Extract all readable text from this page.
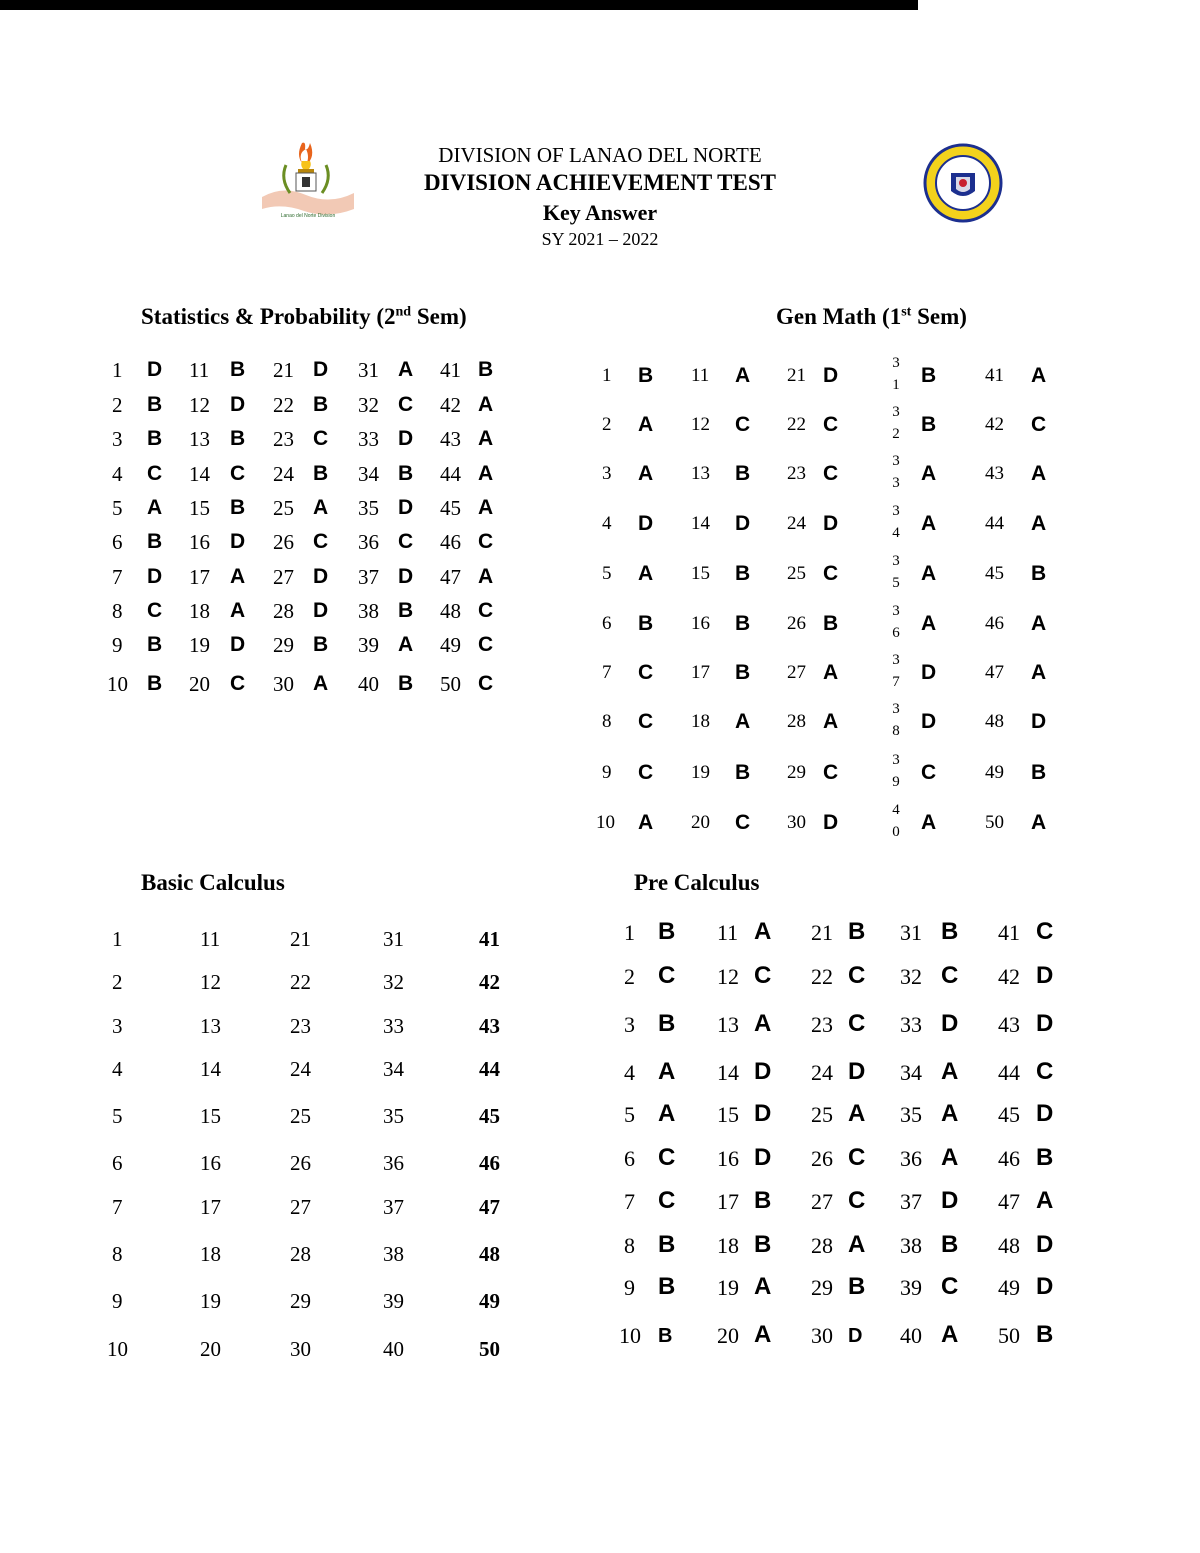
Lanao del Norte Division
DIVISION OF LANAO DEL NORTE
DIVISION ACHIEVEMENT TEST
Key Answer
SY 2021 – 2022
Statistics & Probability (2nd Sem)	Gen Math (1st Sem)
Basic Calculus	Pre Calculus
1 D
2 B
3 B
4 C
5 A
6 B
7 D
8 C
9 B
10 B
11 B
12 D
13 B
14 C
15 B
16 D
17 A
18 A
19 D
20 C
21 D
22 B
23 C
24 B
25 A
26 C
27 D
28 D
29 B
30 A
31 A
32 C
33 D
34 B
35 D
36 C
37 D
38 B
39 A
40 B
41 B
42 A
43 A
44 A
45 A
46 C
47 A
48 C
49 C
50 C
1 B
2 A
3 A
4 D
5 A
6 B
7 C
8 C
9 C
10 A
11 A
12 C
13 B
14 D
15 B
16 B
17 B
18 A
19 B
20 C
21 D
22 C
23 C
24 D
25 C
26 B
27 A
28 A
29 C
30 D
3
1 B
3
2 B
3
3 A
3
4 A
3
5 A
3
6 A
3
7 D
3
8 D
3
9 C
4
0 A
41 A
42 C
43 A
44 A
45 B
46 A
47 A
48 D
49 B
50 A
1
2
3
4
5
6
7
8
9
10
11
12
13
14
15
16
17
18
19
20
21
22
23
24
25
26
27
28
29
30
31
32
33
34
35
36
37
38
39
40
41
42
43
44
45
46
47
48
49
50
1 B
2 C
3 B
4 A
5 A
6 C
7 C
8 B
9 B
10 B
11 A
12 C
13 A
14 D
15 D
16 D
17 B
18 B
19 A
20 A
21 B
22 C
23 C
24 D
25 A
26 C
27 C
28 A
29 B
30 D
31 B
32 C
33 D
34 A
35 A
36 A
37 D
38 B
39 C
40 A
41 C
42 D
43 D
44 C
45 D
46 B
47 A
48 D
49 D
50 B
